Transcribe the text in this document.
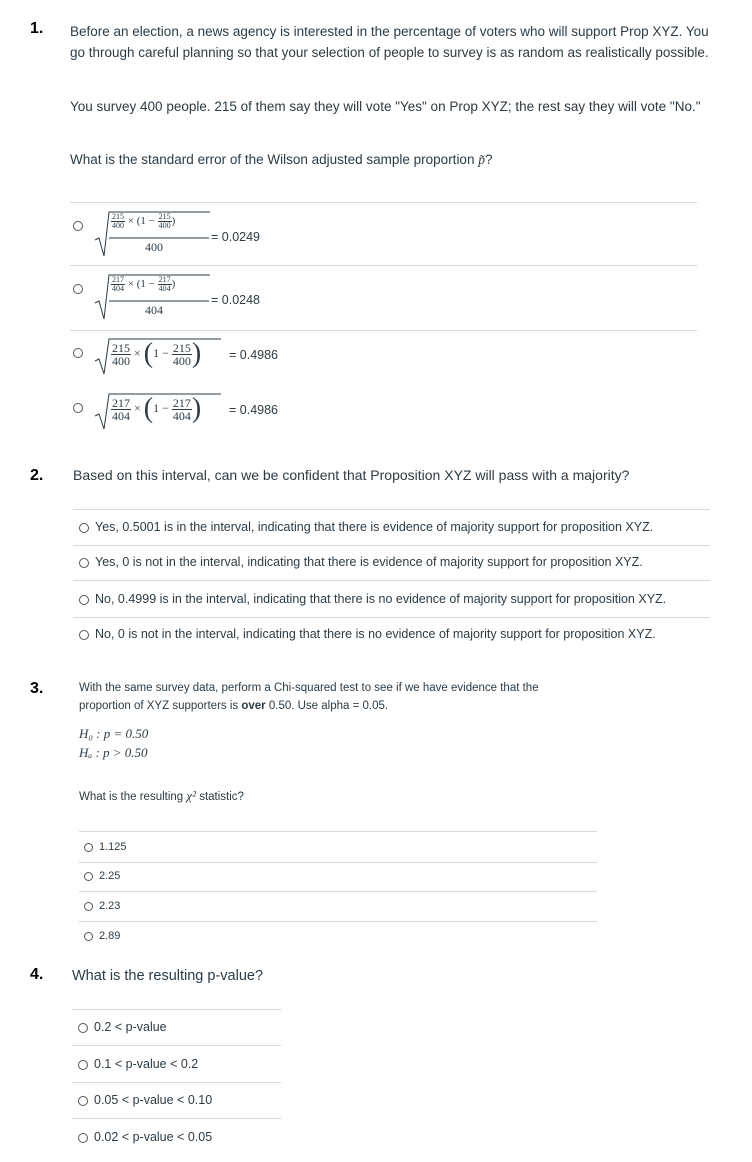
1. Before an election, a news agency is interested in the percentage of voters who will support Prop XYZ. You go through careful planning so that your selection of people to survey is as random as realistically possible.
You survey 400 people. 215 of them say they will vote "Yes" on Prop XYZ; the rest say they will vote "No."
What is the standard error of the Wilson adjusted sample proportion p̃?
$\frac{215}{400} \times (1 - \frac{215}{400}$ )
400
= 0.0249
$\frac{217}{404} \times (1 - \frac{217}{404}$ )
404
= 0.0248
$\frac{215}{400} \times (1 - \frac{215}{400}$ ) = 0.4986
$\frac{217}{404} \times (1 - \frac{217}{404}$ ) = 0.4986
2. Based on this interval, can we be confident that Proposition XYZ will pass with a majority?
Yes, 0.5001 is in the interval, indicating that there is evidence of majority support for proposition XYZ.
Yes, 0 is not in the interval, indicating that there is evidence of majority support for proposition XYZ.
No, 0.4999 is in the interval, indicating that there is no evidence of majority support for proposition XYZ.
No, 0 is not in the interval, indicating that there is no evidence of majority support for proposition XYZ.
3.	With the same survey data, perform a Chi-squared test to see if we have evidence that the
proportion of XYZ supporters is over 0.50. Use alpha = 0.05.
H₀ : p = 0.50
Hₐ : p > 0.50
What is the resulting χ² statistic?
1.125
2.25
2.23
2.89
4. What is the resulting p-value?
0.2 < p-value
0.1 < p-value < 0.2
0.05 < p-value < 0.10
0.02 < p-value < 0.05
